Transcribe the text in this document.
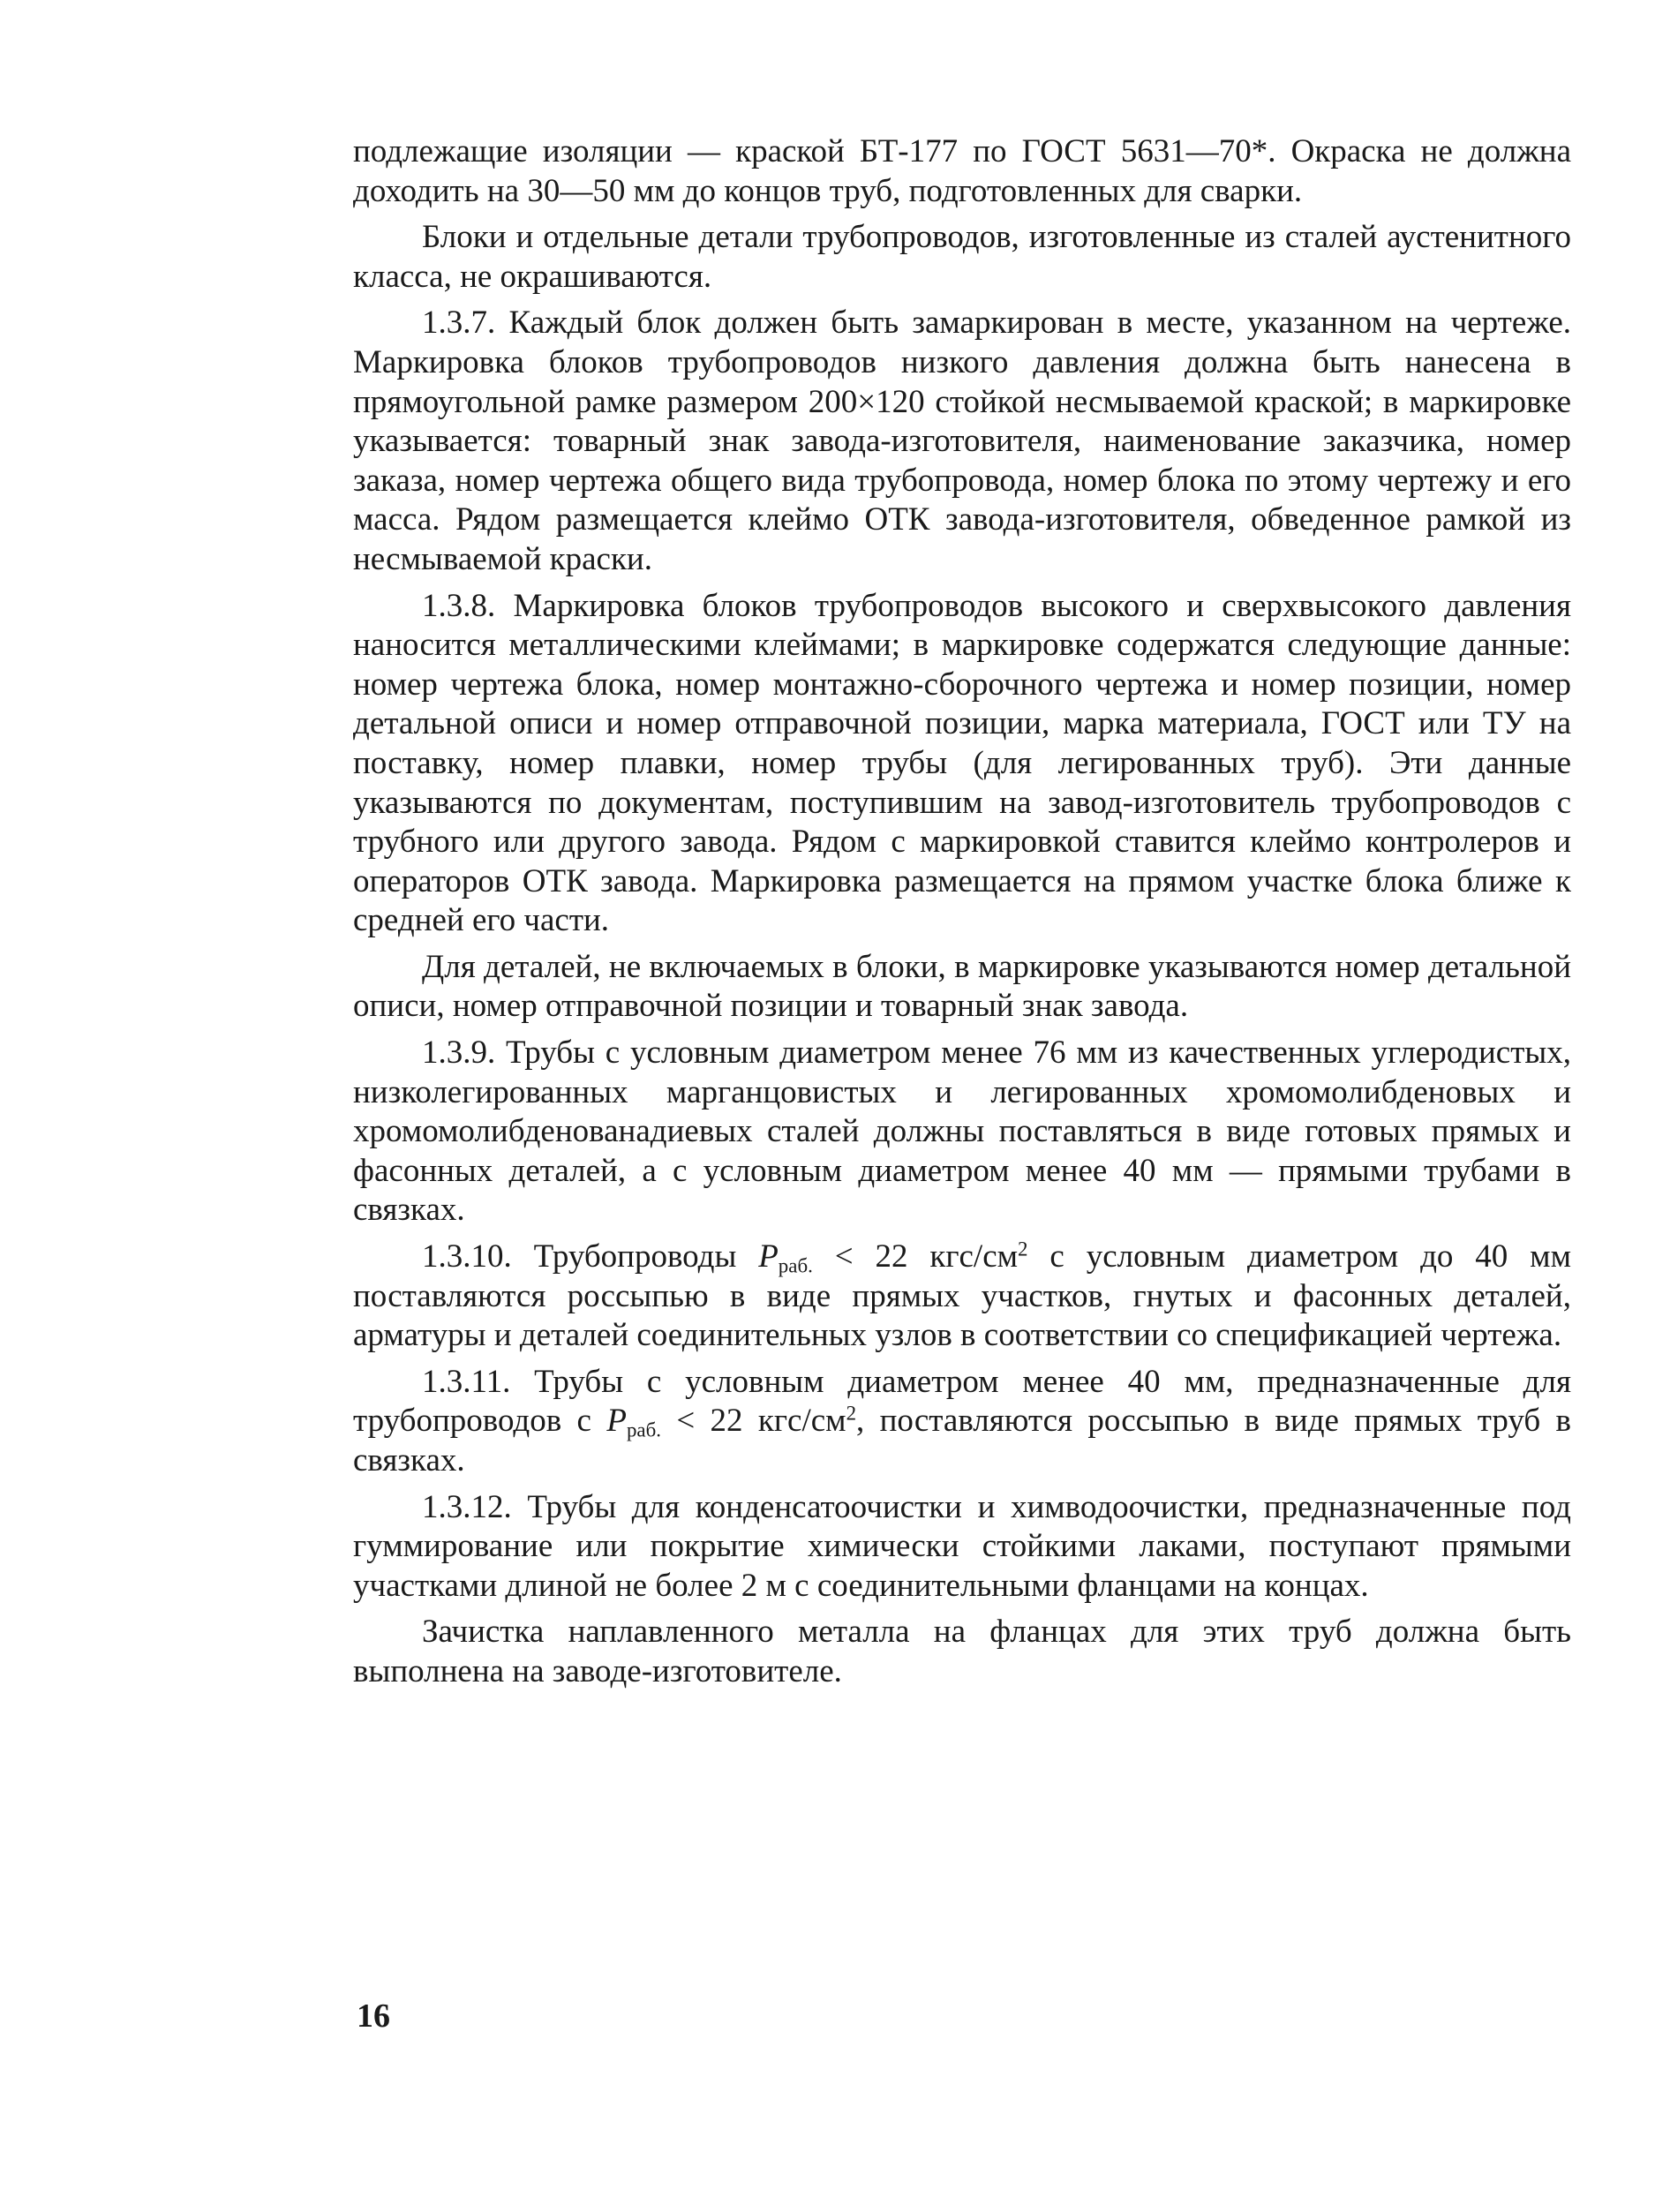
подлежащие изоляции — краской БТ-177 по ГОСТ 5631—70*. Окраска не должна доходить на 30—50 мм до концов труб, подготовленных для сварки.

Блоки и отдельные детали трубопроводов, изготовленные из сталей аустенитного класса, не окрашиваются.

1.3.7. Каждый блок должен быть замаркирован в месте, указанном на чертеже. Маркировка блоков трубопроводов низкого давления должна быть нанесена в прямоугольной рамке размером 200×120 стойкой несмываемой краской; в маркировке указывается: товарный знак завода-изготовителя, наименование заказчика, номер заказа, номер чертежа общего вида трубопровода, номер блока по этому чертежу и его масса. Рядом размещается клеймо ОТК завода-изготовителя, обведенное рамкой из несмываемой краски.

1.3.8. Маркировка блоков трубопроводов высокого и сверхвысокого давления наносится металлическими клеймами; в маркировке содержатся следующие данные: номер чертежа блока, номер монтажно-сборочного чертежа и номер позиции, номер детальной описи и номер отправочной позиции, марка материала, ГОСТ или ТУ на поставку, номер плавки, номер трубы (для легированных труб). Эти данные указываются по документам, поступившим на завод-изготовитель трубопроводов с трубного или другого завода. Рядом с маркировкой ставится клеймо контролеров и операторов ОТК завода. Маркировка размещается на прямом участке блока ближе к средней его части.

Для деталей, не включаемых в блоки, в маркировке указываются номер детальной описи, номер отправочной позиции и товарный знак завода.

1.3.9. Трубы с условным диаметром менее 76 мм из качественных углеродистых, низколегированных марганцовистых и легированных хромомолибденовых и хромомолибденованадиевых сталей должны поставляться в виде готовых прямых и фасонных деталей, а с условным диаметром менее 40 мм — прямыми трубами в связках.

1.3.10. Трубопроводы $P_{раб.} < 22$ кгс/$см^2$ с условным диаметром до 40 мм поставляются россыпью в виде прямых участков, гнутых и фасонных деталей, арматуры и деталей соединительных узлов в соответствии со спецификацией чертежа.

1.3.11. Трубы с условным диаметром менее 40 мм, предназначенные для трубопроводов с $P_{раб.} < 22$ кгс/$см^2$, поставляются россыпью в виде прямых труб в связках.

1.3.12. Трубы для конденсатоочистки и химводоочистки, предназначенные под гуммирование или покрытие химически стойкими лаками, поступают прямыми участками длиной не более 2 м с соединительными фланцами на концах.

Зачистка наплавленного металла на фланцах для этих труб должна быть выполнена на заводе-изготовителе.

16
